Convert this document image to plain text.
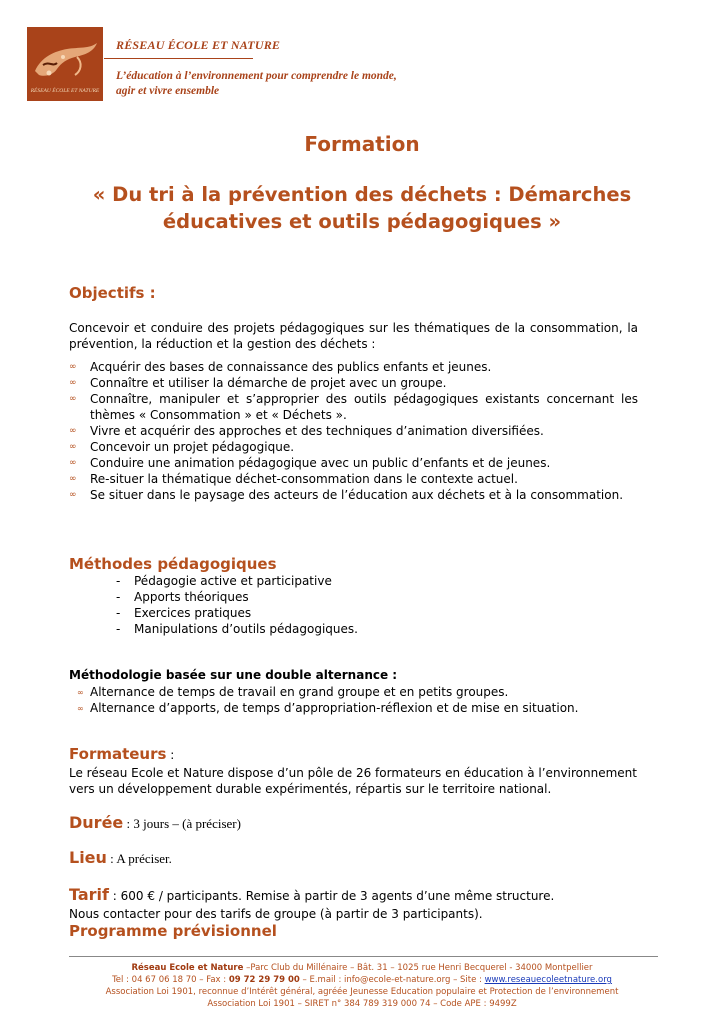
RÉSEAU ÉCOLE ET NATURE
RÉSEAU ÉCOLE ET NATURE
L’éducation à l’environnement pour comprendre le monde,
agir et vivre ensemble
Formation
« Du tri à la prévention des déchets : Démarches
éducatives et outils pédagogiques »
Objectifs :
Concevoir et conduire des projets pédagogiques sur les thématiques de la consommation, la prévention, la réduction et la gestion des déchets :
∞ Acquérir des bases de connaissance des publics enfants et jeunes.
∞ Connaître et utiliser la démarche de projet avec un groupe.
∞ Connaître, manipuler et s’approprier des outils pédagogiques existants concernant les thèmes « Consommation » et « Déchets ».
∞ Vivre et acquérir des approches et des techniques d’animation diversifiées.
∞ Concevoir un projet pédagogique.
∞ Conduire une animation pédagogique avec un public d’enfants et de jeunes.
∞ Re-situer la thématique déchet-consommation dans le contexte actuel.
∞ Se situer dans le paysage des acteurs de l’éducation aux déchets et à la consommation.
Méthodes pédagogiques
- Pédagogie active et participative
- Apports théoriques
- Exercices pratiques
- Manipulations d’outils pédagogiques.
Méthodologie basée sur une double alternance :
∞ Alternance de temps de travail en grand groupe et en petits groupes.
∞ Alternance d’apports, de temps d’appropriation-réflexion et de mise en situation.
Formateurs :
Le réseau Ecole et Nature dispose d’un pôle de 26 formateurs en éducation à l’environnement vers un développement durable expérimentés, répartis sur le territoire national.
Durée : 3 jours – (à préciser)
Lieu : A préciser.
Tarif : 600 € / participants. Remise à partir de 3 agents d’une même structure.
Nous contacter pour des tarifs de groupe (à partir de 3 participants).
Programme prévisionnel
Réseau Ecole et Nature –Parc Club du Millénaire – Bât. 31 – 1025 rue Henri Becquerel - 34000 Montpellier
Tel : 04 67 06 18 70 – Fax : 09 72 29 79 00 – E.mail : info@ecole-et-nature.org – Site : www.reseauecoleetnature.org
Association Loi 1901, reconnue d’Intérêt général, agréée Jeunesse Education populaire et Protection de l’environnement
Association Loi 1901 – SIRET n° 384 789 319 000 74 – Code APE : 9499Z
